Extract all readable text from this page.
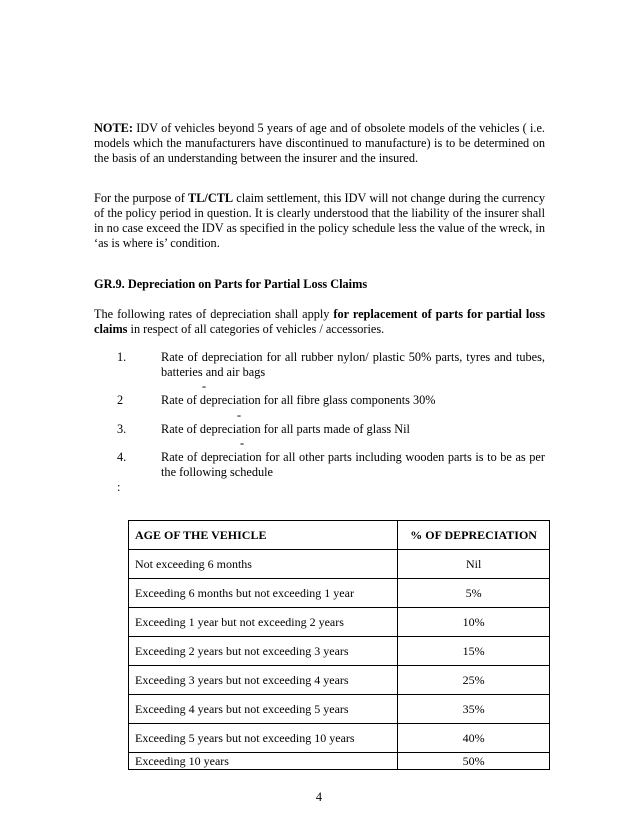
NOTE: IDV of vehicles beyond 5 years of age and of obsolete models of the vehicles ( i.e. models which the manufacturers have discontinued to manufacture) is to be determined on the basis of an understanding between the insurer and the insured.

For the purpose of TL/CTL claim settlement, this IDV will not change during the currency of the policy period in question. It is clearly understood that the liability of the insurer shall in no case exceed the IDV as specified in the policy schedule less the value of the wreck, in ‘as is where is’ condition.

GR.9. Depreciation on Parts for Partial Loss Claims

The following rates of depreciation shall apply for replacement of parts for partial loss claims in respect of all categories of vehicles / accessories.

1.	Rate of depreciation for all rubber nylon/ plastic 50% parts, tyres and tubes, batteries and air bags
-
2	Rate of depreciation for all fibre glass components 30%
-
3.	Rate of depreciation for all parts made of glass Nil
-
4.	Rate of depreciation for all other parts including wooden parts is to be as per the following schedule
:
AGE OF THE VEHICLE	% OF DEPRECIATION
Not exceeding 6 months	Nil
Exceeding 6 months but not exceeding 1 year	5%
Exceeding 1 year but not exceeding 2 years	10%
Exceeding 2 years but not exceeding 3 years	15%
Exceeding 3 years but not exceeding 4 years	25%
Exceeding 4 years but not exceeding 5 years	35%
Exceeding 5 years but not exceeding 10 years	40%
Exceeding 10 years	50%
4
